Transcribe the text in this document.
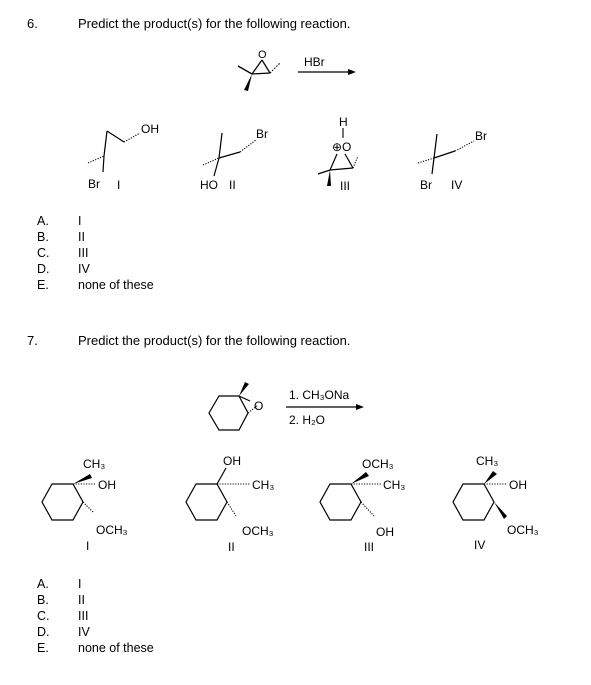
6.	Predict the product(s) for the following reaction.
O	HBr
OH
Br I
Br
HO II
H
⊕O
III
Br
Br IV
O
1. CH₃ONa
2. H₂O
CH₃
OH
OCH₃
I
OH
CH₃
OCH₃
II
OCH₃
CH₃
OH
III
CH₃
OH
OCH₃
IV
A. I
B. II
C. III
D. IV
E. none of these
7.	Predict the product(s) for the following reaction.
A. I
B. II
C. III
D. IV
E. none of these
